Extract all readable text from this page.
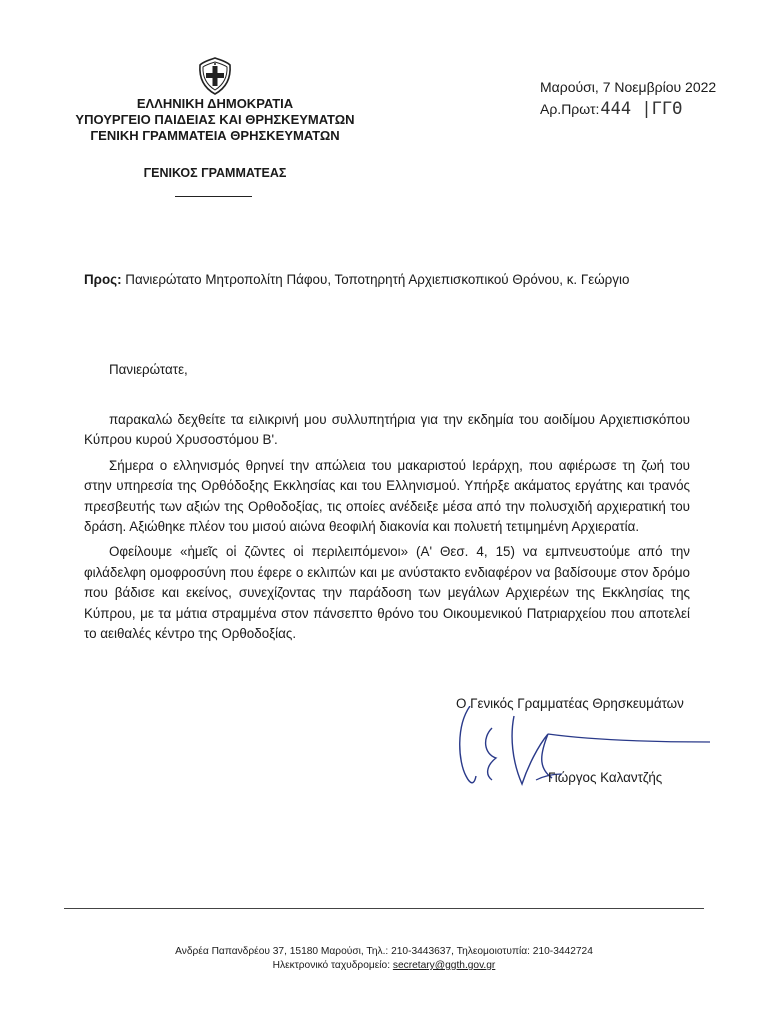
ΕΛΛΗΝΙΚΗ ΔΗΜΟΚΡΑΤΙΑ
ΥΠΟΥΡΓΕΙΟ ΠΑΙΔΕΙΑΣ ΚΑΙ ΘΡΗΣΚΕΥΜΑΤΩΝ
ΓΕΝΙΚΗ ΓΡΑΜΜΑΤΕΙΑ ΘΡΗΣΚΕΥΜΑΤΩΝ
ΓΕΝΙΚΟΣ ΓΡΑΜΜΑΤΕΑΣ
Μαρούσι, 7 Νοεμβρίου 2022
Αρ.Πρωτ:444 |ΓΓΘ
Προς: Πανιερώτατο Μητροπολίτη Πάφου, Τοποτηρητή Αρχιεπισκοπικού Θρόνου, κ. Γεώργιο
Πανιερώτατε,

παρακαλώ δεχθείτε τα ειλικρινή μου συλλυπητήρια για την εκδημία του αοιδίμου Αρχιεπισκόπου Κύπρου κυρού Χρυσοστόμου Β'.

Σήμερα ο ελληνισμός θρηνεί την απώλεια του μακαριστού Ιεράρχη, που αφιέρωσε τη ζωή του στην υπηρεσία της Ορθόδοξης Εκκλησίας και του Ελληνισμού. Υπήρξε ακάματος εργάτης και τρανός πρεσβευτής των αξιών της Ορθοδοξίας, τις οποίες ανέδειξε μέσα από την πολυσχιδή αρχιερατική του δράση. Αξιώθηκε πλέον του μισού αιώνα θεοφιλή διακονία και πολυετή τετιμημένη Αρχιερατία.

Οφείλουμε «ἡμεῖς οἱ ζῶντες οἱ περιλειπόμενοι» (Α' Θεσ. 4, 15) να εμπνευστούμε από την φιλάδελφη ομοφροσύνη που έφερε ο εκλιπών και με ανύστακτο ενδιαφέρον να βαδίσουμε στον δρόμο που βάδισε και εκείνος, συνεχίζοντας την παράδοση των μεγάλων Αρχιερέων της Εκκλησίας της Κύπρου, με τα μάτια στραμμένα στον πάνσεπτο θρόνο του Οικουμενικού Πατριαρχείου που αποτελεί το αειθαλές κέντρο της Ορθοδοξίας.

Ο Γενικός Γραμματέας Θρησκευμάτων
Γιώργος Καλαντζής
Ανδρέα Παπανδρέου 37, 15180 Μαρούσι, Τηλ.: 210-3443637, Τηλεομοιοτυπία: 210-3442724
Ηλεκτρονικό ταχυδρομείο: secretary@ggth.gov.gr
